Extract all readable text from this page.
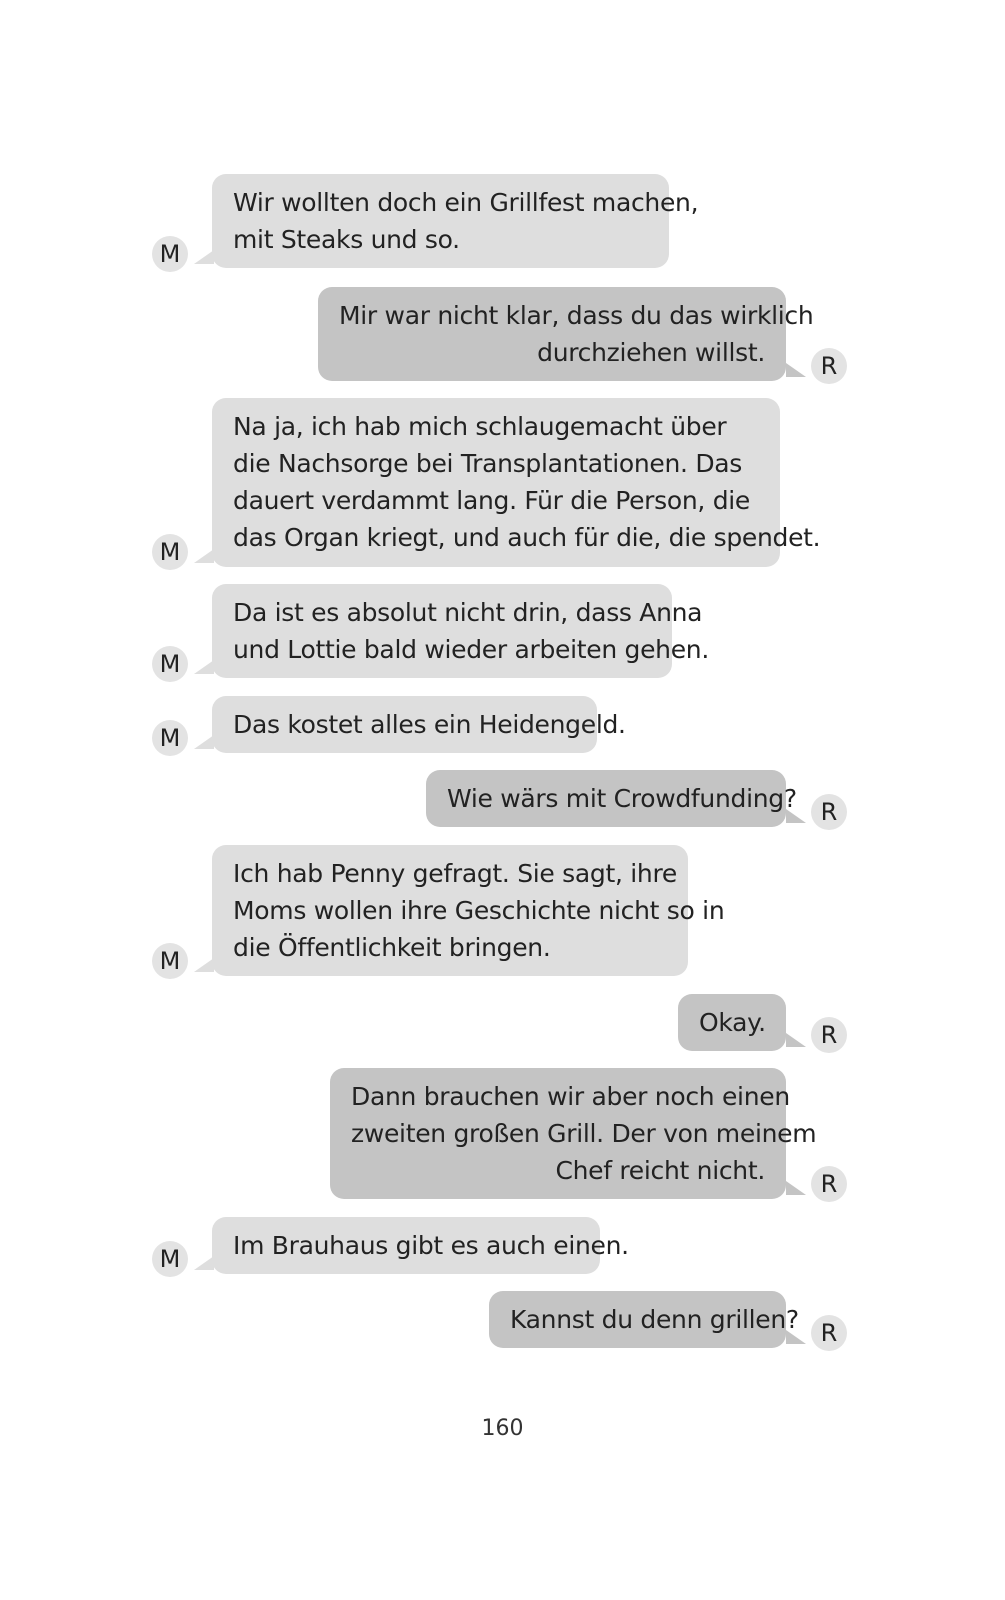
Wir wollten doch ein Grillfest machen,
mit Steaks und so.
M
Mir war nicht klar, dass du das wirklich
durchziehen willst.	R
Na ja, ich hab mich schlaugemacht über
die Nachsorge bei Transplantationen. Das
dauert verdammt lang. Für die Person, die
das Organ kriegt, und auch für die, die spendet.
M
Da ist es absolut nicht drin, dass Anna
und Lottie bald wieder arbeiten gehen.
M
Das kostet alles ein Heidengeld.
M
Wie wärs mit Crowdfunding? R
Ich hab Penny gefragt. Sie sagt, ihre
Moms wollen ihre Geschichte nicht so in
die Öffentlichkeit bringen.
M
Okay.	R
Dann brauchen wir aber noch einen
zweiten großen Grill. Der von meinem
Chef reicht nicht.	R
Im Brauhaus gibt es auch einen.
M
Kannst du denn grillen? R
160
